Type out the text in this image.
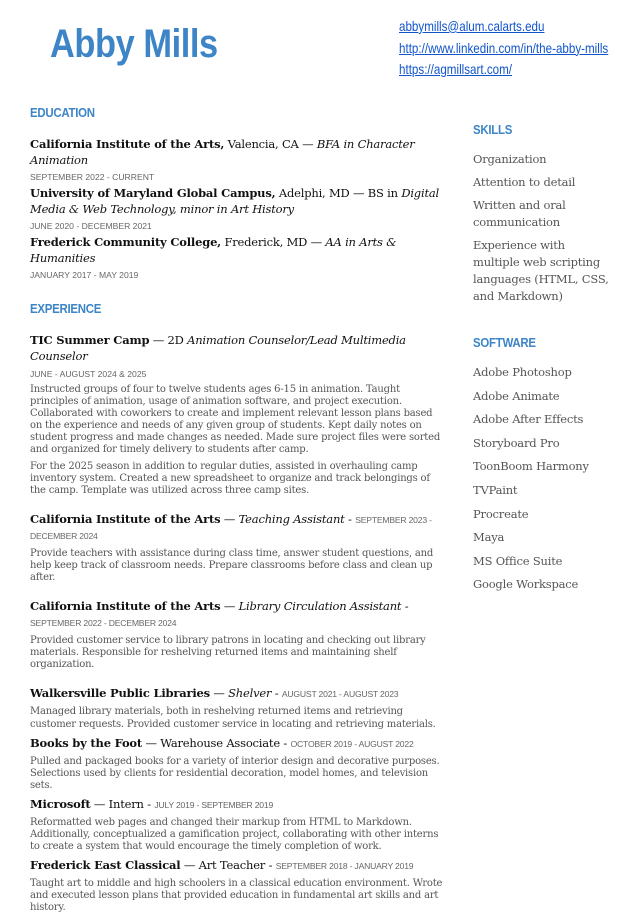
Abby Mills	abbymills@alum.calarts.edu
http://www.linkedin.com/in/the-abby-mills
https://agmillsart.com/
EDUCATION
California Institute of the Arts, Valencia, CA — BFA in Character Animation
SEPTEMBER 2022 - CURRENT
University of Maryland Global Campus, Adelphi, MD — BS in Digital Media & Web Technology, minor in Art History
JUNE 2020 - DECEMBER 2021
Frederick Community College, Frederick, MD — AA in Arts & Humanities
JANUARY 2017 - MAY 2019
EXPERIENCE
TIC Summer Camp — 2D Animation Counselor/Lead Multimedia Counselor
JUNE - AUGUST 2024 & 2025
Instructed groups of four to twelve students ages 6-15 in animation. Taught principles of animation, usage of animation software, and project execution. Collaborated with coworkers to create and implement relevant lesson plans based on the experience and needs of any given group of students. Kept daily notes on student progress and made changes as needed. Made sure project files were sorted and organized for timely delivery to students after camp.
For the 2025 season in addition to regular duties, assisted in overhauling camp inventory system. Created a new spreadsheet to organize and track belongings of the camp. Template was utilized across three camp sites.
California Institute of the Arts — Teaching Assistant - SEPTEMBER 2023 - DECEMBER 2024
Provide teachers with assistance during class time, answer student questions, and help keep track of classroom needs. Prepare classrooms before class and clean up after.
California Institute of the Arts — Library Circulation Assistant - SEPTEMBER 2022 - DECEMBER 2024
Provided customer service to library patrons in locating and checking out library materials. Responsible for reshelving returned items and maintaining shelf organization.
Walkersville Public Libraries — Shelver - AUGUST 2021 - AUGUST 2023
Managed library materials, both in reshelving returned items and retrieving customer requests. Provided customer service in locating and retrieving materials.
Books by the Foot — Warehouse Associate - OCTOBER 2019 - AUGUST 2022
Pulled and packaged books for a variety of interior design and decorative purposes. Selections used by clients for residential decoration, model homes, and television sets.
Microsoft — Intern - JULY 2019 - SEPTEMBER 2019
Reformatted web pages and changed their markup from HTML to Markdown. Additionally, conceptualized a gamification project, collaborating with other interns to create a system that would encourage the timely completion of work.
Frederick East Classical — Art Teacher - SEPTEMBER 2018 - JANUARY 2019
Taught art to middle and high schoolers in a classical education environment. Wrote and executed lesson plans that provided education in fundamental art skills and art history.
SKILLS
Organization
Attention to detail
Written and oral communication
Experience with multiple web scripting languages (HTML, CSS, and Markdown)
SOFTWARE
Adobe Photoshop
Adobe Animate
Adobe After Effects
Storyboard Pro
ToonBoom Harmony
TVPaint
Procreate
Maya
MS Office Suite
Google Workspace
